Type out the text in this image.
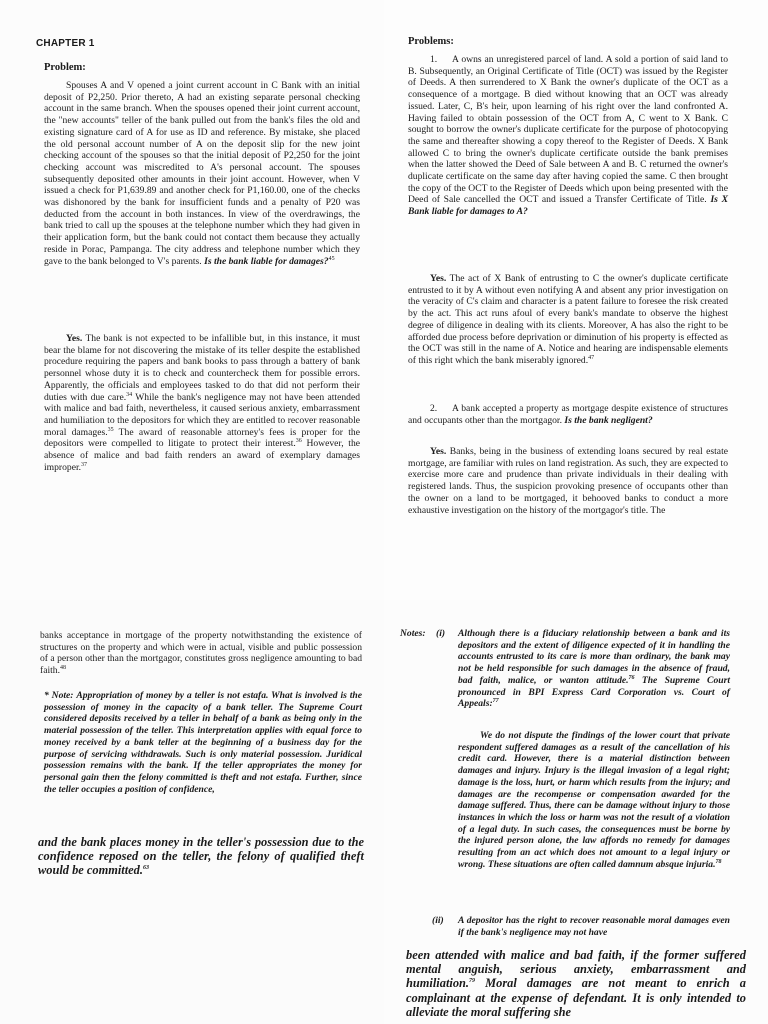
CHAPTER 1
Problem:

Spouses A and V opened a joint current account in C Bank with an initial deposit of P2,250. Prior thereto, A had an existing separate personal checking account in the same branch. When the spouses opened their joint current account, the "new accounts" teller of the bank pulled out from the bank's files the old and existing signature card of A for use as ID and reference. By mistake, she placed the old personal account number of A on the deposit slip for the new joint checking account of the spouses so that the initial deposit of P2,250 for the joint checking account was miscredited to A's personal account. The spouses subsequently deposited other amounts in their joint account. However, when V issued a check for P1,639.89 and another check for P1,160.00, one of the checks was dishonored by the bank for insufficient funds and a penalty of P20 was deducted from the account in both instances. In view of the overdrawings, the bank tried to call up the spouses at the telephone number which they had given in their application form, but the bank could not contact them because they actually reside in Porac, Pampanga. The city address and telephone number which they gave to the bank belonged to V's parents. Is the bank liable for damages?$^{45}$

Yes. The bank is not expected to be infallible but, in this instance, it must bear the blame for not discovering the mistake of its teller despite the established procedure requiring the papers and bank books to pass through a battery of bank personnel whose duty it is to check and countercheck them for possible errors. Apparently, the officials and employees tasked to do that did not perform their duties with due care.$^{34}$ While the bank's negligence may not have been attended with malice and bad faith, nevertheless, it caused serious anxiety, embarrassment and humiliation to the depositors for which they are entitled to recover reasonable moral damages.$^{35}$ The award of reasonable attorney's fees is proper for the depositors were compelled to litigate to protect their interest.$^{36}$ However, the absence of malice and bad faith renders an award of exemplary damages improper.$^{37}$

Problems:

1. A owns an unregistered parcel of land. A sold a portion of said land to B. Subsequently, an Original Certificate of Title (OCT) was issued by the Register of Deeds. A then surrendered to X Bank the owner's duplicate of the OCT as a consequence of a mortgage. B died without knowing that an OCT was already issued. Later, C, B's heir, upon learning of his right over the land confronted A. Having failed to obtain possession of the OCT from A, C went to X Bank. C sought to borrow the owner's duplicate certificate for the purpose of photocopying the same and thereafter showing a copy thereof to the Register of Deeds. X Bank allowed C to bring the owner's duplicate certificate outside the bank premises when the latter showed the Deed of Sale between A and B. C returned the owner's duplicate certificate on the same day after having copied the same. C then brought the copy of the OCT to the Register of Deeds which upon being presented with the Deed of Sale cancelled the OCT and issued a Transfer Certificate of Title. Is X Bank liable for damages to A?

Yes. The act of X Bank of entrusting to C the owner's duplicate certificate entrusted to it by A without even notifying A and absent any prior investigation on the veracity of C's claim and character is a patent failure to foresee the risk created by the act. This act runs afoul of every bank's mandate to observe the highest degree of diligence in dealing with its clients. Moreover, A has also the right to be afforded due process before deprivation or diminution of his property is effected as the OCT was still in the name of A. Notice and hearing are indispensable elements of this right which the bank miserably ignored.$^{47}$

2. A bank accepted a property as mortgage despite existence of structures and occupants other than the mortgagor. Is the bank negligent?

Yes. Banks, being in the business of extending loans secured by real estate mortgage, are familiar with rules on land registration. As such, they are expected to exercise more care and prudence than private individuals in their dealing with registered lands. Thus, the suspicion provoking presence of occupants other than the owner on a land to be mortgaged, it behooved banks to conduct a more exhaustive investigation on the history of the mortgagor's title. The

banks acceptance in mortgage of the property notwithstanding the existence of structures on the property and which were in actual, visible and public possession of a person other than the mortgagor, constitutes gross negligence amounting to bad faith.$^{48}$

* Note: Appropriation of money by a teller is not estafa. What is involved is the possession of money in the capacity of a bank teller. The Supreme Court considered deposits received by a teller in behalf of a bank as being only in the material possession of the teller. This interpretation applies with equal force to money received by a bank teller at the beginning of a business day for the purpose of servicing withdrawals. Such is only material possession. Juridical possession remains with the bank. If the teller appropriates the money for personal gain then the felony committed is theft and not estafa. Further, since the teller occupies a position of confidence,

and the bank places money in the teller's possession due to the confidence reposed on the teller, the felony of qualified theft would be committed.$^{63}$

Notes: (i) Although there is a fiduciary relationship between a bank and its depositors and the extent of diligence expected of it in handling the accounts entrusted to its care is more than ordinary, the bank may not be held responsible for such damages in the absence of fraud, bad faith, malice, or wanton attitude.$^{76}$ The Supreme Court pronounced in BPI Express Card Corporation vs. Court of Appeals:$^{77}$

We do not dispute the findings of the lower court that private respondent suffered damages as a result of the cancellation of his credit card. However, there is a material distinction between damages and injury. Injury is the illegal invasion of a legal right; damage is the loss, hurt, or harm which results from the injury; and damages are the recompense or compensation awarded for the damage suffered. Thus, there can be damage without injury to those instances in which the loss or harm was not the result of a violation of a legal duty. In such cases, the consequences must be borne by the injured person alone, the law affords no remedy for damages resulting from an act which does not amount to a legal injury or wrong. These situations are often called damnum absque injuria.$^{78}$

(ii) A depositor has the right to recover reasonable moral damages even if the bank's negligence may not have

been attended with malice and bad faith, if the former suffered mental anguish, serious anxiety, embarrassment and humiliation.$^{79}$ Moral damages are not meant to enrich a complainant at the expense of defendant. It is only intended to alleviate the moral suffering she
